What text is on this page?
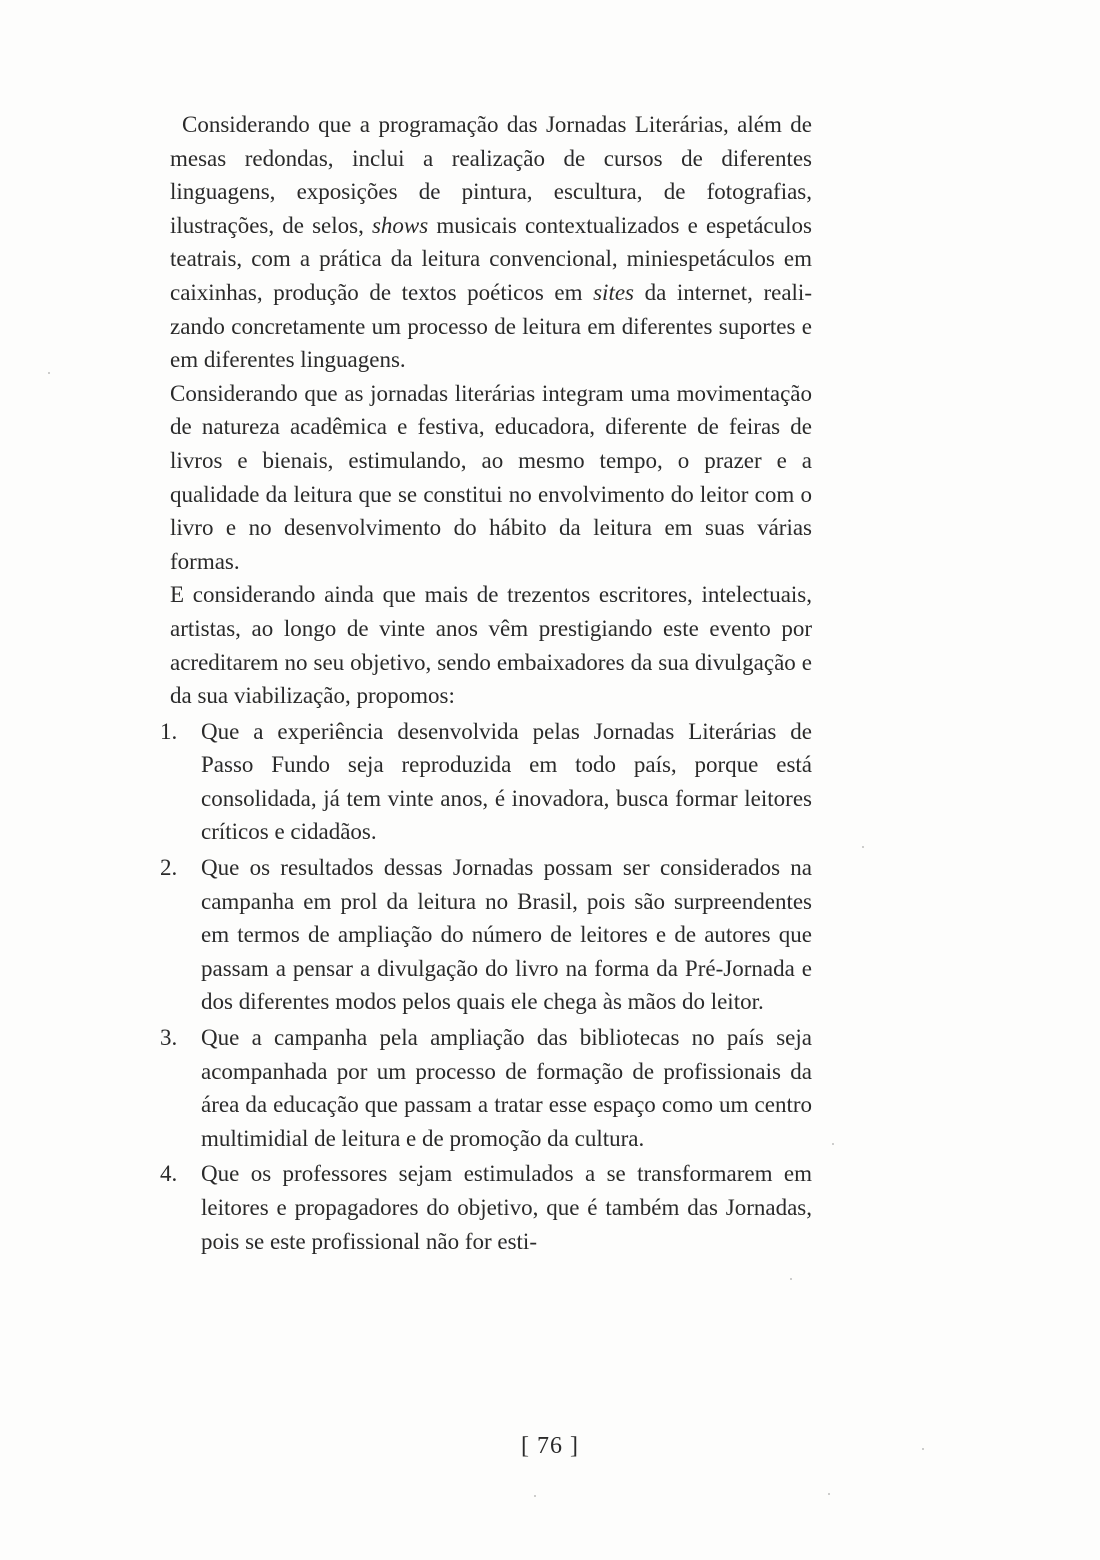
Considerando que a programação das Jornadas Literárias, além de mesas redondas, inclui a realização de cursos de diferentes linguagens, exposições de pintura, escultura, de fotografias, ilustrações, de selos, shows musicais contextualizados e espetáculos teatrais, com a prática da leitura convencional, miniespetáculos em caixinhas, produção de textos poéticos em sites da internet, realizando concretamente um processo de leitura em diferentes suportes e em diferentes linguagens.

Considerando que as jornadas literárias integram uma movimentação de natureza acadêmica e festiva, educadora, diferente de feiras de livros e bienais, estimulando, ao mesmo tempo, o prazer e a qualidade da leitura que se constitui no envolvimento do leitor com o livro e no desenvolvimento do hábito da leitura em suas várias formas.

E considerando ainda que mais de trezentos escritores, intelectuais, artistas, ao longo de vinte anos vêm prestigiando este evento por acreditarem no seu objetivo, sendo embaixadores da sua divulgação e da sua viabilização, propomos:

1.	Que a experiência desenvolvida pelas Jornadas Literárias de Passo Fundo seja reproduzida em todo país, porque está consolidada, já tem vinte anos, é inovadora, busca formar leitores críticos e cidadãos.
2.	Que os resultados dessas Jornadas possam ser considerados na campanha em prol da leitura no Brasil, pois são surpreendentes em termos de ampliação do número de leitores e de autores que passam a pensar a divulgação do livro na forma da Pré-Jornada e dos diferentes modos pelos quais ele chega às mãos do leitor.
3.	Que a campanha pela ampliação das bibliotecas no país seja acompanhada por um processo de formação de profissionais da área da educação que passam a tratar esse espaço como um centro multimidial de leitura e de promoção da cultura.
4.	Que os professores sejam estimulados a se transformarem em leitores e propagadores do objetivo, que é também das Jornadas, pois se este profissional não for esti-
[ 76 ]
